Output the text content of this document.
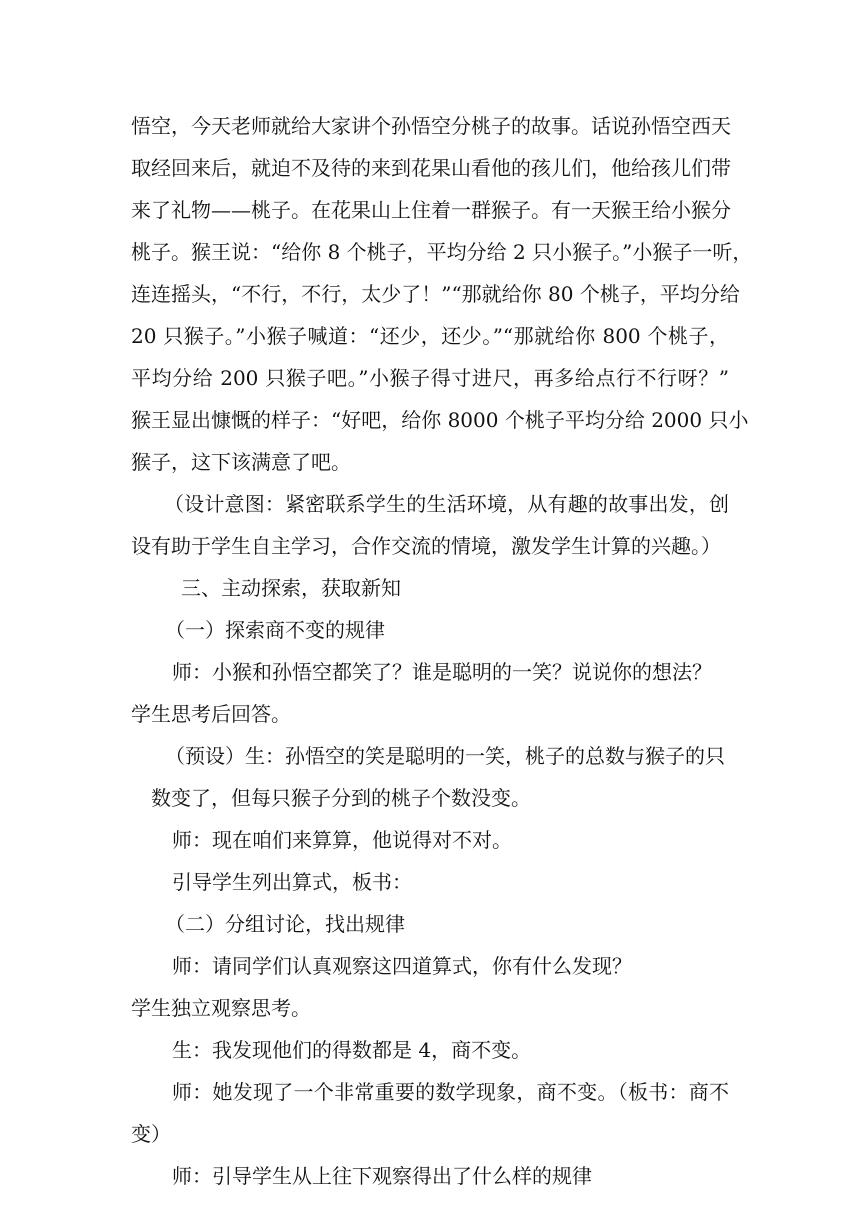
悟空，今天老师就给大家讲个孙悟空分桃子的故事。话说孙悟空西天

取经回来后，就迫不及待的来到花果山看他的孩儿们，他给孩儿们带

来了礼物——桃子。在花果山上住着一群猴子。有一天猴王给小猴分

桃子。猴王说：“给你 8 个桃子，平均分给 2 只小猴子。”小猴子一听，

连连摇头，“不行，不行，太少了！”“那就给你 80 个桃子，平均分给

20 只猴子。”小猴子喊道：“还少，还少。”“那就给你 800 个桃子，

平均分给 200 只猴子吧。”小猴子得寸进尺，再多给点行不行呀？”

猴王显出慷慨的样子：“好吧，给你 8000 个桃子平均分给 2000 只小

猴子，这下该满意了吧。

（设计意图：紧密联系学生的生活环境，从有趣的故事出发，创

设有助于学生自主学习，合作交流的情境，激发学生计算的兴趣。）

三、主动探索，获取新知

（一）探索商不变的规律

师：小猴和孙悟空都笑了？谁是聪明的一笑？说说你的想法？

学生思考后回答。

（预设）生：孙悟空的笑是聪明的一笑，桃子的总数与猴子的只

数变了，但每只猴子分到的桃子个数没变。

师：现在咱们来算算，他说得对不对。

引导学生列出算式，板书：

（二）分组讨论，找出规律

师：请同学们认真观察这四道算式，你有什么发现？

学生独立观察思考。

生：我发现他们的得数都是 4，商不变。

师：她发现了一个非常重要的数学现象，商不变。（板书：商不

变）

师：引导学生从上往下观察得出了什么样的规律
